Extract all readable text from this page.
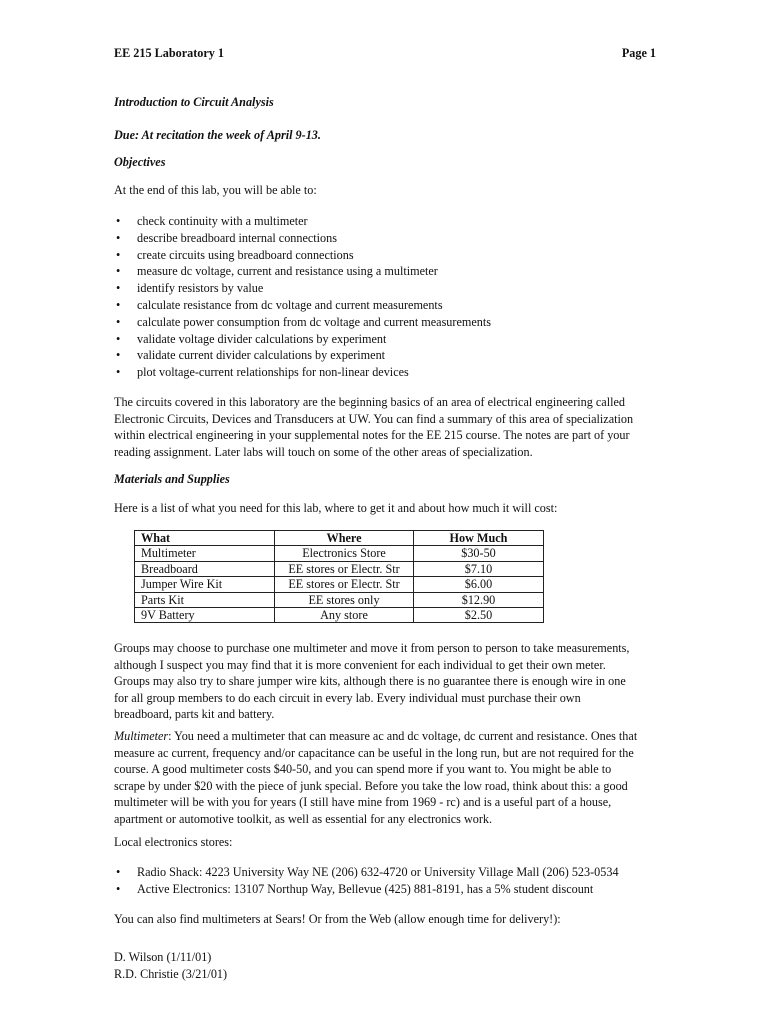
EE 215 Laboratory 1	Page 1
Introduction to Circuit Analysis
Due: At recitation the week of April 9-13.
Objectives
At the end of this lab, you will be able to:
• check continuity with a multimeter
• describe breadboard internal connections
• create circuits using breadboard connections
• measure dc voltage, current and resistance using a multimeter
• identify resistors by value
• calculate resistance from dc voltage and current measurements
• calculate power consumption from dc voltage and current measurements
• validate voltage divider calculations by experiment
• validate current divider calculations by experiment
• plot voltage-current relationships for non-linear devices
The circuits covered in this laboratory are the beginning basics of an area of electrical engineering called
Electronic Circuits, Devices and Transducers at UW. You can find a summary of this area of specialization
within electrical engineering in your supplemental notes for the EE 215 course. The notes are part of your
reading assignment. Later labs will touch on some of the other areas of specialization.
Materials and Supplies
Here is a list of what you need for this lab, where to get it and about how much it will cost:
What	Where	How Much
Multimeter	Electronics Store	$30-50
Breadboard	EE stores or Electr. Str	$7.10
Jumper Wire Kit	EE stores or Electr. Str	$6.00
Parts Kit	EE stores only	$12.90
9V Battery	Any store	$2.50
Groups may choose to purchase one multimeter and move it from person to person to take measurements,
although I suspect you may find that it is more convenient for each individual to get their own meter.
Groups may also try to share jumper wire kits, although there is no guarantee there is enough wire in one
for all group members to do each circuit in every lab. Every individual must purchase their own
breadboard, parts kit and battery.
Multimeter: You need a multimeter that can measure ac and dc voltage, dc current and resistance. Ones that
measure ac current, frequency and/or capacitance can be useful in the long run, but are not required for the
course. A good multimeter costs $40-50, and you can spend more if you want to. You might be able to
scrape by under $20 with the piece of junk special. Before you take the low road, think about this: a good
multimeter will be with you for years (I still have mine from 1969 - rc) and is a useful part of a house,
apartment or automotive toolkit, as well as essential for any electronics work.
Local electronics stores:
• Radio Shack: 4223 University Way NE (206) 632-4720 or University Village Mall (206) 523-0534
• Active Electronics: 13107 Northup Way, Bellevue (425) 881-8191, has a 5% student discount
You can also find multimeters at Sears! Or from the Web (allow enough time for delivery!):
D. Wilson (1/11/01)
R.D. Christie (3/21/01)
